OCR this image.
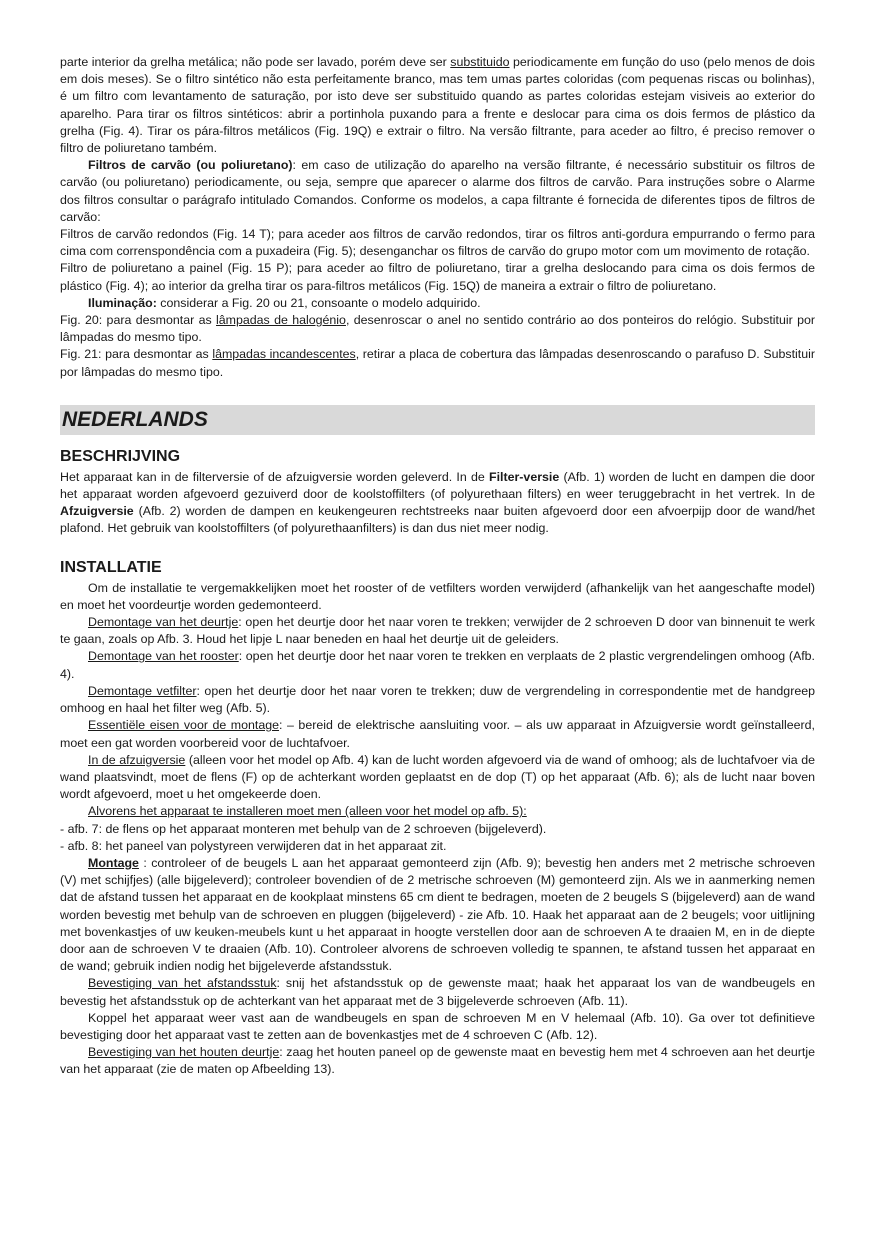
parte interior da grelha metálica; não pode ser lavado, porém deve ser substituido periodicamente em função do uso (pelo menos de dois em dois meses). Se o filtro sintético não esta perfeitamente branco, mas tem umas partes coloridas (com pequenas riscas ou bolinhas), é um filtro com levantamento de saturação, por isto deve ser substituido quando as partes coloridas estejam visiveis ao exterior do aparelho. Para tirar os filtros sintéticos: abrir a portinhola puxando para a frente e deslocar para cima os dois fermos de plástico da grelha (Fig. 4). Tirar os pára-filtros metálicos (Fig. 19Q) e extrair o filtro. Na versão filtrante, para aceder ao filtro, é preciso remover o filtro de poliuretano também.

Filtros de carvão (ou poliuretano): em caso de utilização do aparelho na versão filtrante, é necessário substituir os filtros de carvão (ou poliuretano) periodicamente, ou seja, sempre que aparecer o alarme dos filtros de carvão. Para instruções sobre o Alarme dos filtros consultar o parágrafo intitulado Comandos. Conforme os modelos, a capa filtrante é fornecida de diferentes tipos de filtros de carvão:

Filtros de carvão redondos (Fig. 14 T); para aceder aos filtros de carvão redondos, tirar os filtros anti-gordura empurrando o fermo para cima com correnspondência com a puxadeira (Fig. 5); desenganchar os filtros de carvão do grupo motor com um movimento de rotação.

Filtro de poliuretano a painel (Fig. 15 P); para aceder ao filtro de poliuretano, tirar a grelha deslocando para cima os dois fermos de plástico (Fig. 4); ao interior da grelha tirar os para-filtros metálicos (Fig. 15Q) de maneira a extrair o filtro de poliuretano.

Iluminação: considerar a Fig. 20 ou 21, consoante o modelo adquirido.

Fig. 20: para desmontar as lâmpadas de halogénio, desenroscar o anel no sentido contrário ao dos ponteiros do relógio. Substituir por lâmpadas do mesmo tipo.

Fig. 21: para desmontar as lâmpadas incandescentes, retirar a placa de cobertura das lâmpadas desenroscando o parafuso D. Substituir por lâmpadas do mesmo tipo.

NEDERLANDS
BESCHRIJVING

Het apparaat kan in de filterversie of de afzuigversie worden geleverd. In de Filter-versie (Afb. 1) worden de lucht en dampen die door het apparaat worden afgevoerd gezuiverd door de koolstoffilters (of polyurethaan filters) en weer teruggebracht in het vertrek. In de Afzuigversie (Afb. 2) worden de dampen en keukengeuren rechtstreeks naar buiten afgevoerd door een afvoerpijp door de wand/het plafond. Het gebruik van koolstoffilters (of polyurethaanfilters) is dan dus niet meer nodig.

INSTALLATIE

Om de installatie te vergemakkelijken moet het rooster of de vetfilters worden verwijderd (afhankelijk van het aangeschafte model) en moet het voordeurtje worden gedemonteerd.

Demontage van het deurtje: open het deurtje door het naar voren te trekken; verwijder de 2 schroeven D door van binnenuit te werk te gaan, zoals op Afb. 3. Houd het lipje L naar beneden en haal het deurtje uit de geleiders.

Demontage van het rooster: open het deurtje door het naar voren te trekken en verplaats de 2 plastic vergrendelingen omhoog (Afb. 4).

Demontage vetfilter: open het deurtje door het naar voren te trekken; duw de vergrendeling in correspondentie met de handgreep omhoog en haal het filter weg (Afb. 5).

Essentiële eisen voor de montage: – bereid de elektrische aansluiting voor. – als uw apparaat in Afzuigversie wordt geïnstalleerd, moet een gat worden voorbereid voor de luchtafvoer.

In de afzuigversie (alleen voor het model op Afb. 4) kan de lucht worden afgevoerd via de wand of omhoog; als de luchtafvoer via de wand plaatsvindt, moet de flens (F) op de achterkant worden geplaatst en de dop (T) op het apparaat (Afb. 6); als de lucht naar boven wordt afgevoerd, moet u het omgekeerde doen.

Alvorens het apparaat te installeren moet men (alleen voor het model op afb. 5):

- afb. 7: de flens op het apparaat monteren met behulp van de 2 schroeven (bijgeleverd).

- afb. 8: het paneel van polystyreen verwijderen dat in het apparaat zit.

Montage : controleer of de beugels L aan het apparaat gemonteerd zijn (Afb. 9); bevestig hen anders met 2 metrische schroeven (V) met schijfjes) (alle bijgeleverd); controleer bovendien of de 2 metrische schroeven (M) gemonteerd zijn. Als we in aanmerking nemen dat de afstand tussen het apparaat en de kookplaat minstens 65 cm dient te bedragen, moeten de 2 beugels S (bijgeleverd) aan de wand worden bevestig met behulp van de schroeven en pluggen (bijgeleverd) - zie Afb. 10. Haak het apparaat aan de 2 beugels; voor uitlijning met bovenkastjes of uw keuken-meubels kunt u het apparaat in hoogte verstellen door aan de schroeven A te draaien M, en in de diepte door aan de schroeven V te draaien (Afb. 10). Controleer alvorens de schroeven volledig te spannen, te afstand tussen het apparaat en de wand; gebruik indien nodig het bijgeleverde afstandsstuk.

Bevestiging van het afstandsstuk: snij het afstandsstuk op de gewenste maat; haak het apparaat los van de wandbeugels en bevestig het afstandsstuk op de achterkant van het apparaat met de 3 bijgeleverde schroeven (Afb. 11).

Koppel het apparaat weer vast aan de wandbeugels en span de schroeven M en V helemaal (Afb. 10). Ga over tot definitieve bevestiging door het apparaat vast te zetten aan de bovenkastjes met de 4 schroeven C (Afb. 12).

Bevestiging van het houten deurtje: zaag het houten paneel op de gewenste maat en bevestig hem met 4 schroeven aan het deurtje van het apparaat (zie de maten op Afbeelding 13).
